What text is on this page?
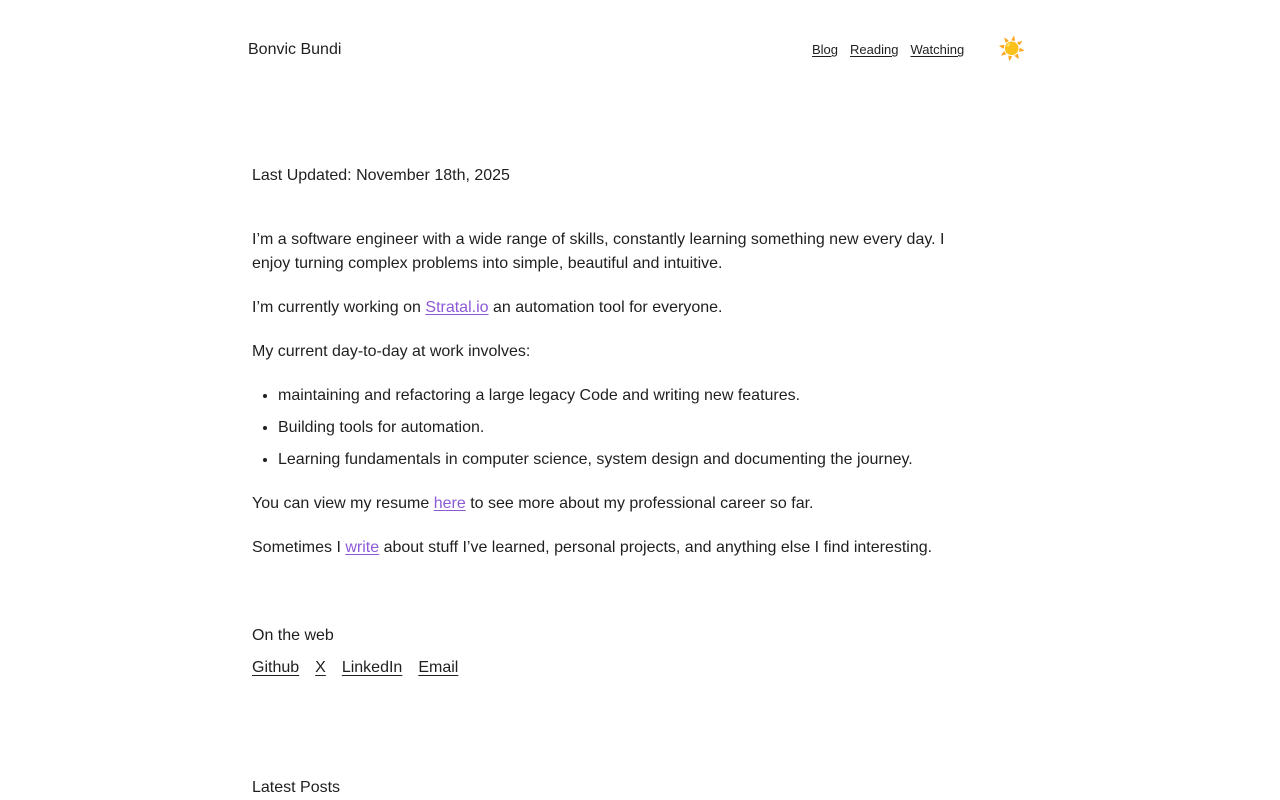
Bonvic Bundi	Blog Reading Watching ☀️

Last Updated: November 18th, 2025

I’m a software engineer with a wide range of skills, constantly learning something new every day. I enjoy turning complex problems into simple, beautiful and intuitive.

I’m currently working on Stratal.io an automation tool for everyone.

My current day-to-day at work involves:

• maintaining and refactoring a large legacy Code and writing new features.
• Building tools for automation.
• Learning fundamentals in computer science, system design and documenting the journey.

You can view my resume here to see more about my professional career so far.

Sometimes I write about stuff I’ve learned, personal projects, and anything else I find interesting.

On the web
Github X LinkedIn Email
Latest Posts
